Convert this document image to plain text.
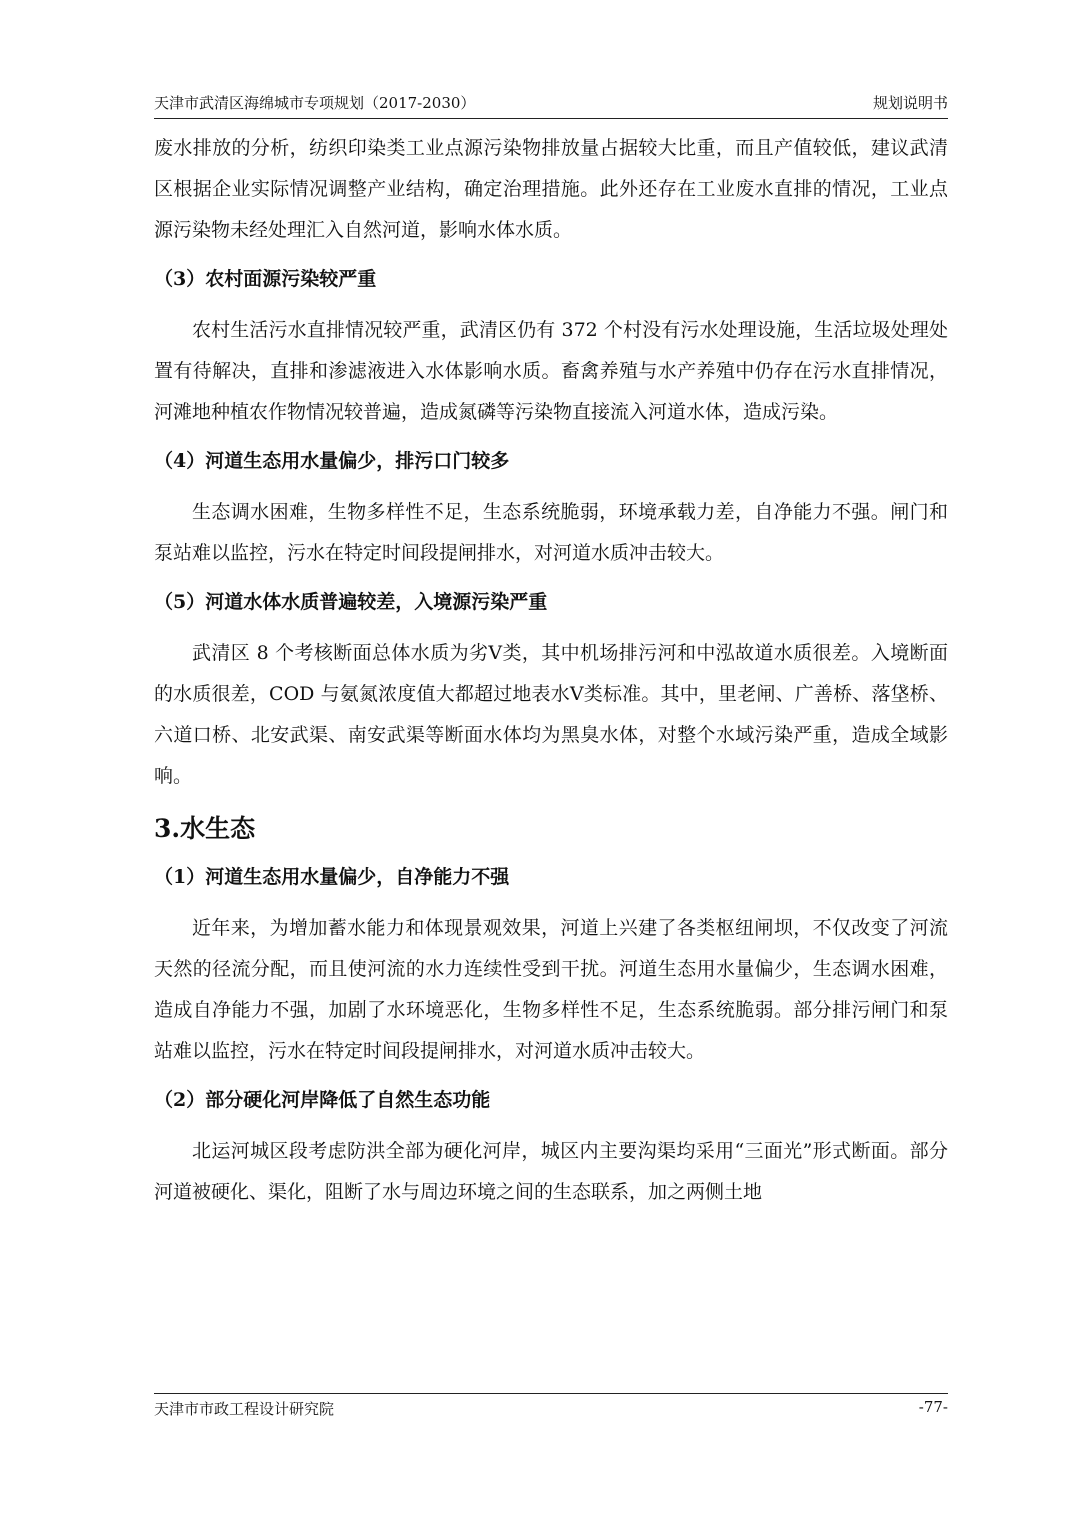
天津市武清区海绵城市专项规划（2017-2030）	规划说明书

废水排放的分析，纺织印染类工业点源污染物排放量占据较大比重，而且产值较低，建议武清区根据企业实际情况调整产业结构，确定治理措施。此外还存在工业废水直排的情况，工业点源污染物未经处理汇入自然河道，影响水体水质。

（3）农村面源污染较严重

农村生活污水直排情况较严重，武清区仍有 372 个村没有污水处理设施，生活垃圾处理处置有待解决，直排和渗滤液进入水体影响水质。畜禽养殖与水产养殖中仍存在污水直排情况，河滩地种植农作物情况较普遍，造成氮磷等污染物直接流入河道水体，造成污染。

（4）河道生态用水量偏少，排污口门较多

生态调水困难，生物多样性不足，生态系统脆弱，环境承载力差，自净能力不强。闸门和泵站难以监控，污水在特定时间段提闸排水，对河道水质冲击较大。

（5）河道水体水质普遍较差，入境源污染严重

武清区 8 个考核断面总体水质为劣Ⅴ类，其中机场排污河和中泓故道水质很差。入境断面的水质很差，COD 与氨氮浓度值大都超过地表水Ⅴ类标准。其中，里老闸、广善桥、落垡桥、六道口桥、北安武渠、南安武渠等断面水体均为黑臭水体，对整个水域污染严重，造成全域影响。

3.水生态

（1）河道生态用水量偏少，自净能力不强

近年来，为增加蓄水能力和体现景观效果，河道上兴建了各类枢纽闸坝，不仅改变了河流天然的径流分配，而且使河流的水力连续性受到干扰。河道生态用水量偏少，生态调水困难，造成自净能力不强，加剧了水环境恶化，生物多样性不足，生态系统脆弱。部分排污闸门和泵站难以监控，污水在特定时间段提闸排水，对河道水质冲击较大。

（2）部分硬化河岸降低了自然生态功能

北运河城区段考虑防洪全部为硬化河岸，城区内主要沟渠均采用“三面光”形式断面。部分河道被硬化、渠化，阻断了水与周边环境之间的生态联系，加之两侧土地

天津市市政工程设计研究院	-77-
